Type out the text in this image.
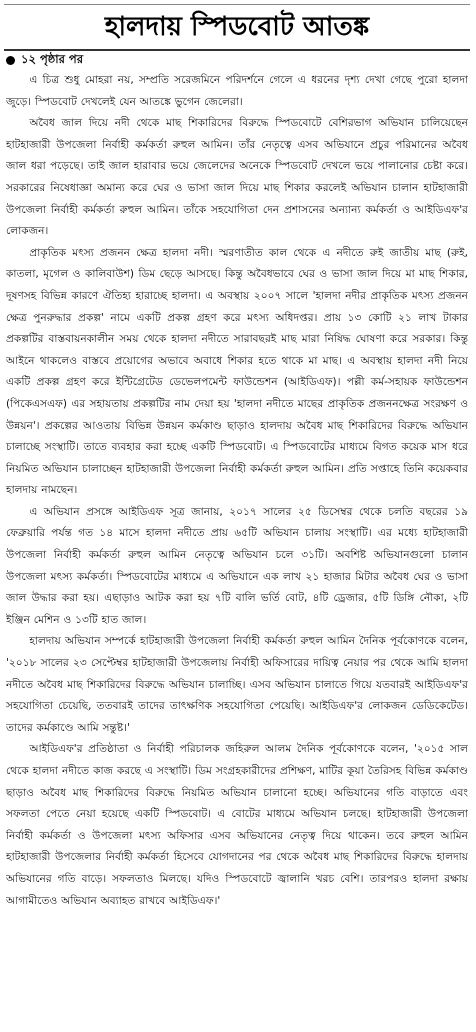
হালদায় স্পিডবোট আতঙ্ক
১২ পৃষ্ঠার পর

এ চিত্র শুধু মোহরা নয়, সম্প্রতি সরেজমিনে পরিদর্শনে গেলে এ ধরনের দৃশ্য দেখা গেছে পুরো হালদা জুড়ে। স্পিডবোট দেখলেই যেন আতঙ্কে ভুগেন জেলেরা।

অবৈধ জাল দিয়ে নদী থেকে মাছ শিকারিদের বিরুদ্ধে স্পিডবোটে বেশিরভাগ অভিযান চালিয়েছেন হাটহাজারী উপজেলা নির্বাহী কর্মকর্তা রুহুল আমিন। তাঁর নেতৃত্বে এসব অভিযানে প্রচুর পরিমানের অবৈধ জাল ধরা পড়েছে। তাই জাল হারাবার ভয়ে জেলেদের অনেকে স্পিডবোট দেখলে ভয়ে পালানোর চেষ্টা করে। সরকারের নিষেধাজ্ঞা অমান্য করে ঘের ও ভাসা জাল দিয়ে মাছ শিকার করলেই অভিযান চালান হাটহাজারী উপজেলা নির্বাহী কর্মকর্তা রুহুল আমিন। তাঁকে সহযোগিতা দেন প্রশাসনের অন্যান্য কর্মকর্তা ও আইডিএফ'র লোকজন।

প্রাকৃতিক মৎস্য প্রজনন ক্ষেত্র হালদা নদী। স্মরণাতীত কাল থেকে এ নদীতে রুই জাতীয় মাছ (রুই, কাতলা, মৃগেল ও কালিবাউশ) ডিম ছেড়ে আসছে। কিন্তু অবৈধভাবে ঘের ও ভাসা জাল দিয়ে মা মাছ শিকার, দূষণসহ বিভিন্ন কারণে ঐতিহ্য হারাচ্ছে হালদা। এ অবস্থায় ২০০৭ সালে 'হালদা নদীর প্রাকৃতিক মৎস্য প্রজনন ক্ষেত্র পুনরুদ্ধার প্রকল্প' নামে একটি প্রকল্প গ্রহণ করে মৎস্য অধিদপ্তর। প্রায় ১৩ কোটি ২১ লাখ টাকার প্রকল্পটির বাস্তবায়নকালীন সময় থেকে হালদা নদীতে সারাবছরই মাছ মারা নিষিদ্ধ ঘোষণা করে সরকার। কিন্তু আইনে থাকলেও বাস্তবে প্রয়োগের অভাবে অবাধে শিকার হতে থাকে মা মাছ। এ অবস্থায় হালদা নদী নিয়ে একটি প্রকল্প গ্রহণ করে ইন্টিগ্রেটেড ডেভেলপমেন্ট ফাউন্ডেশন (আইডিএফ)। পল্লী কর্ম-সহায়ক ফাউন্ডেশন (পিকেএসএফ) এর সহায়তায় প্রকল্পটির নাম দেয়া হয় 'হালদা নদীতে মাছের প্রাকৃতিক প্রজননক্ষেত্র সংরক্ষণ ও উন্নয়ন'। প্রকল্পের আওতায় বিভিন্ন উন্নয়ন কর্মকাণ্ড ছাড়াও হালদায় অবৈধ মাছ শিকারিদের বিরুদ্ধে অভিযান চালাচ্ছে সংস্থাটি। তাতে ব্যবহার করা হচ্ছে একটি স্পিডবোট। এ স্পিডবোটের মাধ্যমে বিগত কয়েক মাস ধরে নিয়মিত অভিযান চালাচ্ছেন হাটহাজারী উপজেলা নির্বাহী কর্মকর্তা রুহুল আমিন। প্রতি সপ্তাহে তিনি কয়েকবার হালদায় নামছেন।

এ অভিযান প্রসঙ্গে আইডিএফ সূত্র জানায়, ২০১৭ সালের ২৫ ডিসেম্বর থেকে চলতি বছরের ১৯ ফেব্রুয়ারি পর্যন্ত গত ১৪ মাসে হালদা নদীতে প্রায় ৬৫টি অভিযান চালায় সংস্থাটি। এর মধ্যে হাটহাজারী উপজেলা নির্বাহী কর্মকর্তা রুহুল আমিন নেতৃত্বে অভিযান চলে ৩১টি। অবশিষ্ট অভিযানগুলো চালান উপজেলা মৎস্য কর্মকর্তা। স্পিডবোটের মাধ্যমে এ অভিযানে এক লাখ ২১ হাজার মিটার অবৈধ ঘের ও ভাসা জাল উদ্ধার করা হয়। এছাড়াও আটক করা হয় ৭টি বালি ভর্তি বোট, ৪টি ড্রেজার, ৫টি ডিঙ্গি নৌকা, ২টি ইঞ্জিন মেশিন ও ১৩টি হাত জাল।

হালদায় অভিযান সম্পর্কে হাটহাজারী উপজেলা নির্বাহী কর্মকর্তা রুহুল আমিন দৈনিক পূর্বকোণকে বলেন, '২০১৮ সালের ২৩ সেপ্টেম্বর হাটহাজারী উপজেলায় নির্বাহী অফিসারের দায়িত্ব নেয়ার পর থেকে আমি হালদা নদীতে অবৈধ মাছ শিকারিদের বিরুদ্ধে অভিযান চালাচ্ছি। এসব অভিযান চালাতে গিয়ে যতবারই আইডিএফ'র সহযোগিতা চেয়েছি, ততবারই তাদের তাৎক্ষণিক সহযোগিতা পেয়েছি। আইডিএফ'র লোকজন ডেডিকেটেড। তাদের কর্মকাণ্ডে আমি সন্তুষ্ট।'

আইডিএফ'র প্রতিষ্ঠাতা ও নির্বাহী পরিচালক জহিরুল আলম দৈনিক পূর্বকোণকে বলেন, '২০১৫ সাল থেকে হালদা নদীতে কাজ করছে এ সংস্থাটি। ডিম সংগ্রহকারীদের প্রশিক্ষণ, মাটির কূয়া তৈরিসহ বিভিন্ন কর্মকাণ্ড ছাড়াও অবৈধ মাছ শিকারিদের বিরুদ্ধে নিয়মিত অভিযান চালানো হচ্ছে। অভিযানের গতি বাড়াতে এবং সফলতা পেতে নেয়া হয়েছে একটি স্পিডবোট। এ বোটের মাধ্যমে অভিযান চলছে। হাটহাজারী উপজেলা নির্বাহী কর্মকর্তা ও উপজেলা মৎস্য অফিসার এসব অভিযানের নেতৃত্ব দিয়ে থাকেন। তবে রুহুল আমিন হাটহাজারী উপজেলার নির্বাহী কর্মকর্তা হিসেবে যোগদানের পর থেকে অবৈধ মাছ শিকারিদের বিরুদ্ধে হালদায় অভিযানের গতি বাড়ে। সফলতাও মিলছে। যদিও স্পিডবোটে জ্বালানি খরচ বেশি। তারপরও হালদা রক্ষায় আগামীতেও অভিযান অব্যাহত রাখবে আইডিএফ।'
